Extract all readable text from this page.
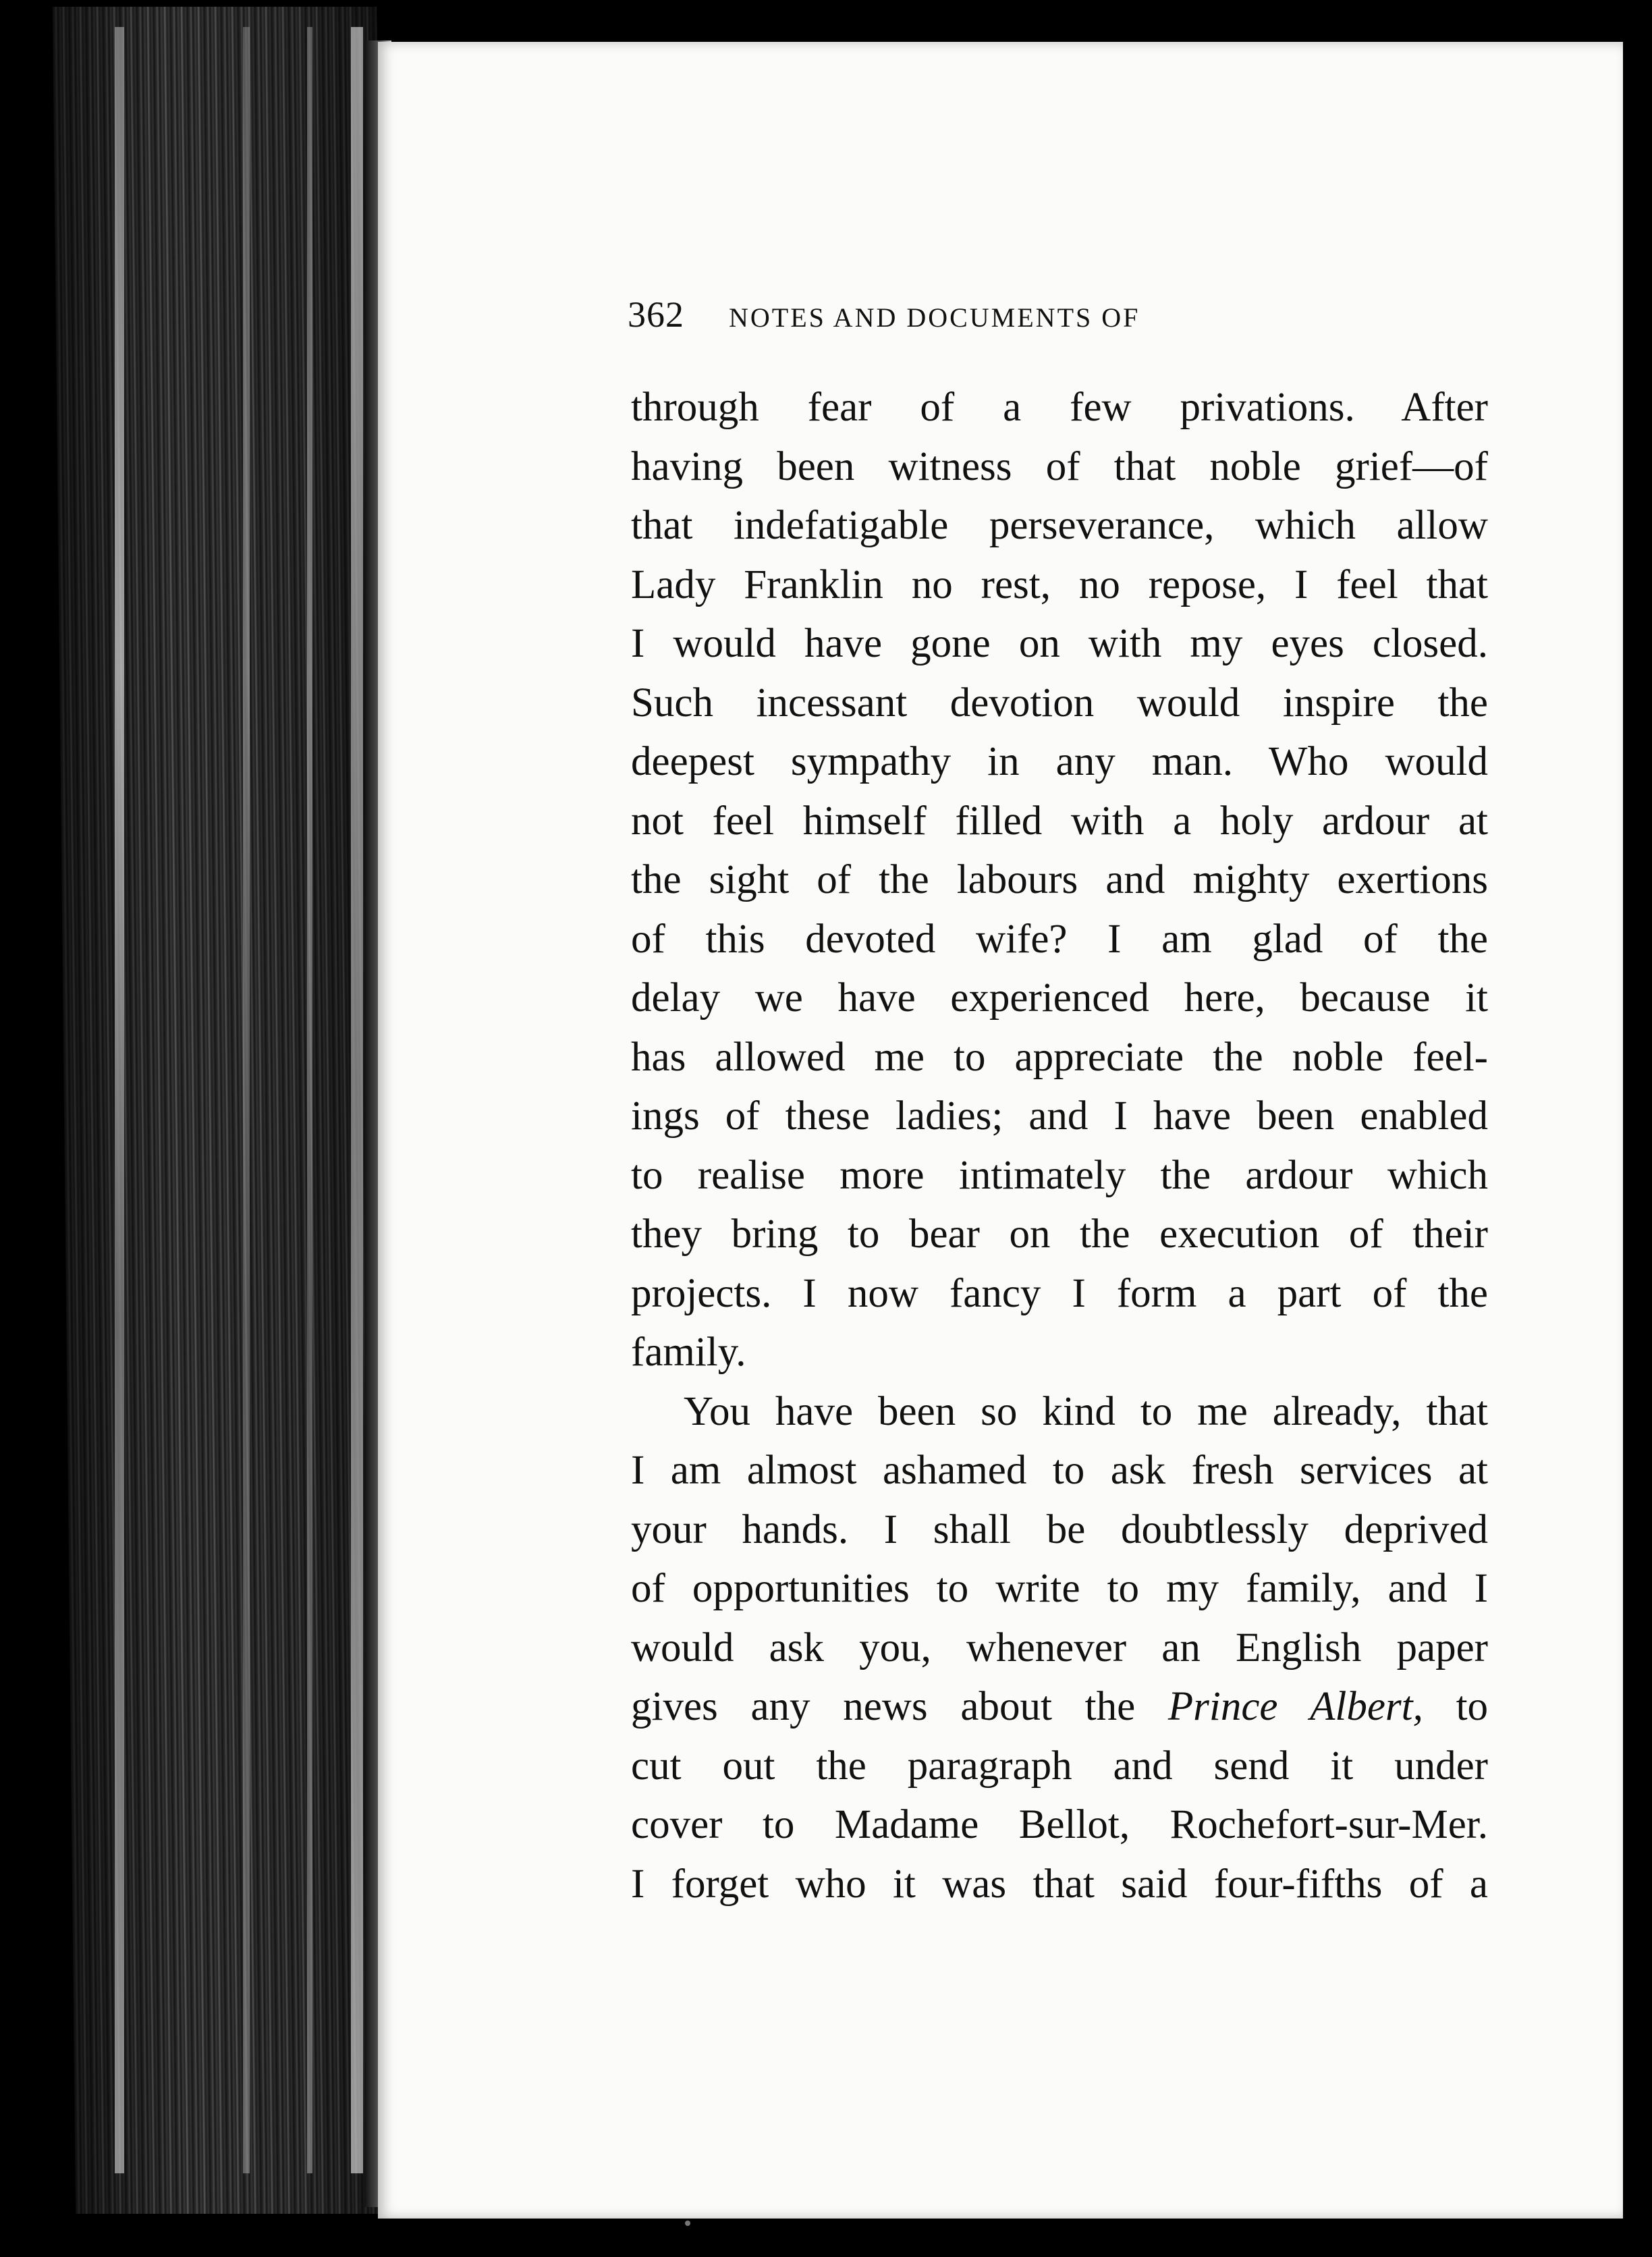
362 NOTES AND DOCUMENTS OF
through fear of a few privations. After
having been witness of that noble grief—of
that indefatigable perseverance, which allow
Lady Franklin no rest, no repose, I feel that
I would have gone on with my eyes closed.
Such incessant devotion would inspire the
deepest sympathy in any man. Who would
not feel himself filled with a holy ardour at
the sight of the labours and mighty exertions
of this devoted wife? I am glad of the
delay we have experienced here, because it
has allowed me to appreciate the noble feel-
ings of these ladies; and I have been enabled
to realise more intimately the ardour which
they bring to bear on the execution of their
projects. I now fancy I form a part of the
family.
You have been so kind to me already, that
I am almost ashamed to ask fresh services at
your hands. I shall be doubtlessly deprived
of opportunities to write to my family, and I
would ask you, whenever an English paper
gives any news about the Prince Albert, to
cut out the paragraph and send it under
cover to Madame Bellot, Rochefort-sur-Mer.
I forget who it was that said four-fifths of a
